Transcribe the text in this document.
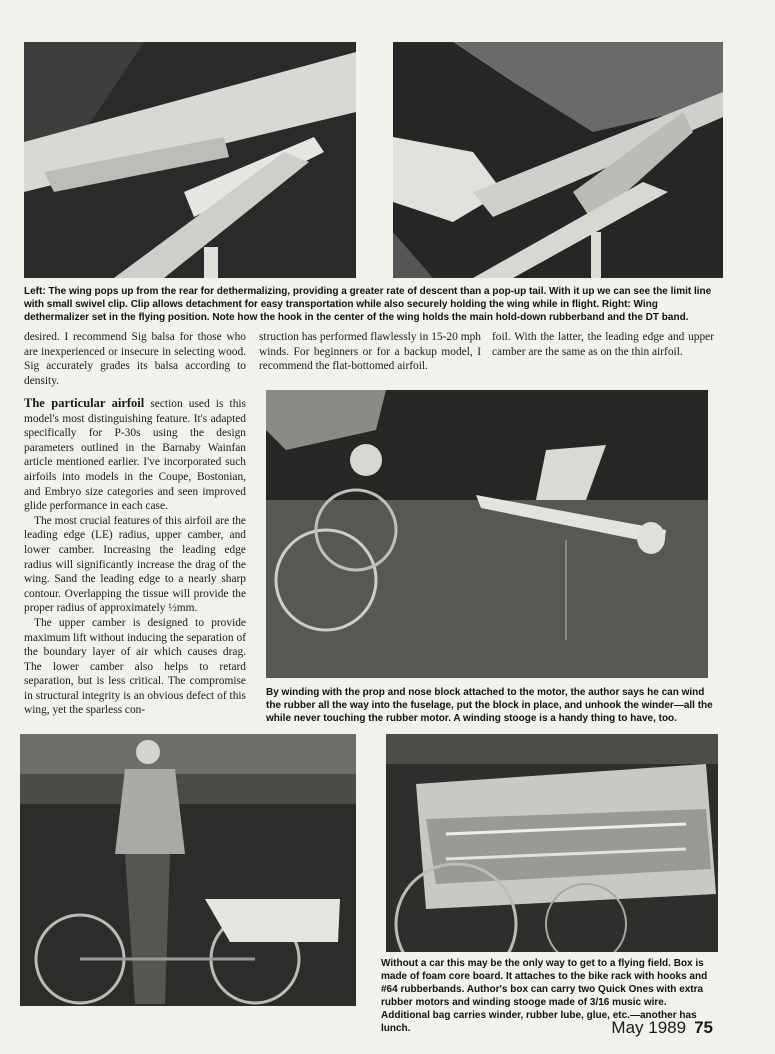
Left: The wing pops up from the rear for dethermalizing, providing a greater rate of descent than a pop-up tail. With it up we can see the limit line with small swivel clip. Clip allows detachment for easy transportation while also securely holding the wing while in flight. Right: Wing dethermalizer set in the flying position. Note how the hook in the center of the wing holds the main hold-down rubberband and the DT band.

desired. I recommend Sig balsa for those who are inexperienced or insecure in selecting wood. Sig accurately grades its balsa according to density.

struction has performed flawlessly in 15-20 mph winds. For beginners or for a backup model, I recommend the flat-bottomed airfoil.

foil. With the latter, the leading edge and upper camber are the same as on the thin airfoil.

The particular airfoil section used is this model's most distinguishing feature. It's adapted specifically for P-30s using the design parameters outlined in the Barnaby Wainfan article mentioned earlier. I've incorporated such airfoils into models in the Coupe, Bostonian, and Embryo size categories and seen improved glide performance in each case.

The most crucial features of this airfoil are the leading edge (LE) radius, upper camber, and lower camber. Increasing the leading edge radius will significantly increase the drag of the wing. Sand the leading edge to a nearly sharp contour. Overlapping the tissue will provide the proper radius of approximately ½mm.

The upper camber is designed to provide maximum lift without inducing the separation of the boundary layer of air which causes drag. The lower camber also helps to retard separation, but is less critical. The compromise in structural integrity is an obvious defect of this wing, yet the sparless con-

By winding with the prop and nose block attached to the motor, the author says he can wind the rubber all the way into the fuselage, put the block in place, and unhook the winder—all the while never touching the rubber motor. A winding stooge is a handy thing to have, too.

Without a car this may be the only way to get to a flying field. Box is made of foam core board. It attaches to the bike rack with hooks and #64 rubberbands. Author's box can carry two Quick Ones with extra rubber motors and winding stooge made of 3/16 music wire. Additional bag carries winder, rubber lube, glue, etc.—another has lunch.	May 1989 75
